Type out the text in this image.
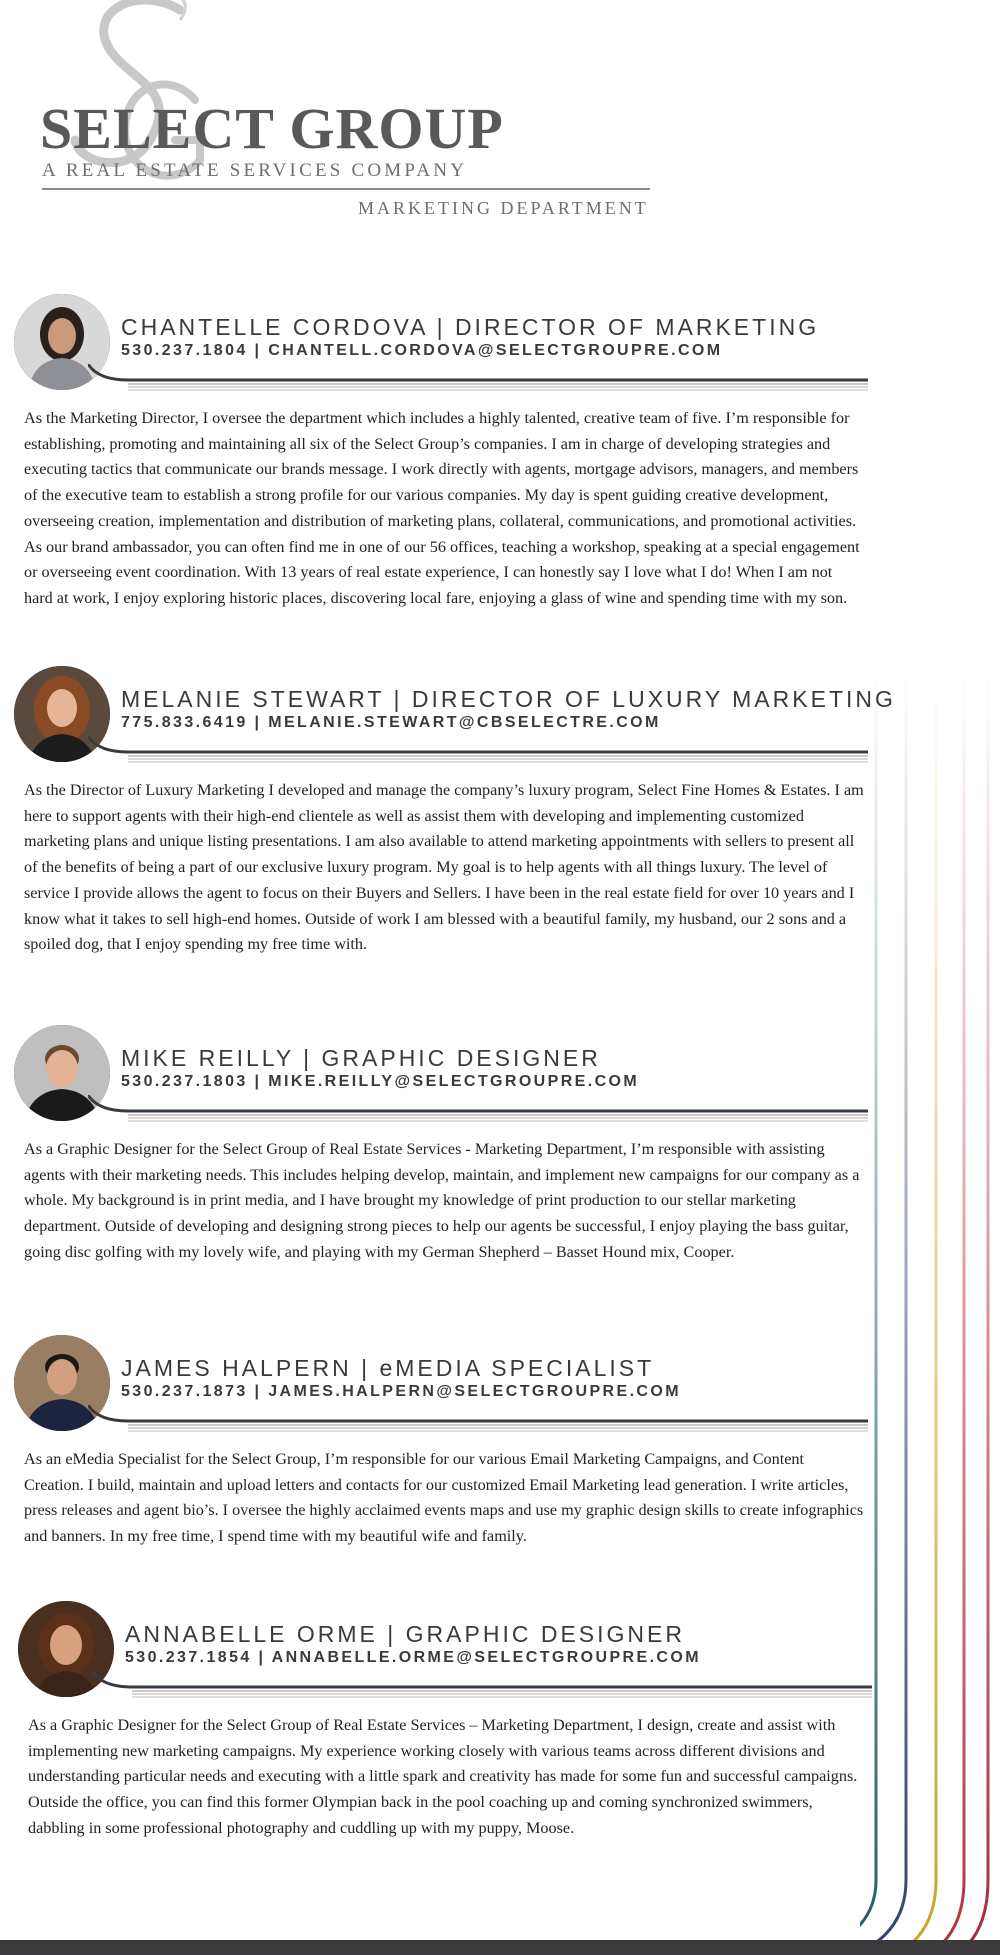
SELECT GROUP
A REAL ESTATE SERVICES COMPANY
MARKETING DEPARTMENT
CHANTELLE CORDOVA | DIRECTOR OF MARKETING
530.237.1804 | CHANTELL.CORDOVA@SELECTGROUPRE.COM

As the Marketing Director, I oversee the department which includes a highly talented, creative team of five. I’m responsible for establishing, promoting and maintaining all six of the Select Group’s companies. I am in charge of developing strategies and executing tactics that communicate our brands message. I work directly with agents, mortgage advisors, managers, and members of the executive team to establish a strong profile for our various companies. My day is spent guiding creative development, overseeing creation, implementation and distribution of marketing plans, collateral, communications, and promotional activities. As our brand ambassador, you can often find me in one of our 56 offices, teaching a workshop, speaking at a special engagement or overseeing event coordination. With 13 years of real estate experience, I can honestly say I love what I do! When I am not hard at work, I enjoy exploring historic places, discovering local fare, enjoying a glass of wine and spending time with my son.

MELANIE STEWART | DIRECTOR OF LUXURY MARKETING
775.833.6419 | MELANIE.STEWART@CBSELECTRE.COM

As the Director of Luxury Marketing I developed and manage the company’s luxury program, Select Fine Homes & Estates. I am here to support agents with their high-end clientele as well as assist them with developing and implementing customized marketing plans and unique listing presentations. I am also available to attend marketing appointments with sellers to present all of the benefits of being a part of our exclusive luxury program. My goal is to help agents with all things luxury. The level of service I provide allows the agent to focus on their Buyers and Sellers. I have been in the real estate field for over 10 years and I know what it takes to sell high-end homes. Outside of work I am blessed with a beautiful family, my husband, our 2 sons and a spoiled dog, that I enjoy spending my free time with.

MIKE REILLY | GRAPHIC DESIGNER
530.237.1803 | MIKE.REILLY@SELECTGROUPRE.COM

As a Graphic Designer for the Select Group of Real Estate Services - Marketing Department, I’m responsible with assisting agents with their marketing needs. This includes helping develop, maintain, and implement new campaigns for our company as a whole. My background is in print media, and I have brought my knowledge of print production to our stellar marketing department. Outside of developing and designing strong pieces to help our agents be successful, I enjoy playing the bass guitar, going disc golfing with my lovely wife, and playing with my German Shepherd – Basset Hound mix, Cooper.

JAMES HALPERN | eMEDIA SPECIALIST
530.237.1873 | JAMES.HALPERN@SELECTGROUPRE.COM

As an eMedia Specialist for the Select Group, I’m responsible for our various Email Marketing Campaigns, and Content Creation. I build, maintain and upload letters and contacts for our customized Email Marketing lead generation. I write articles, press releases and agent bio’s. I oversee the highly acclaimed events maps and use my graphic design skills to create infographics and banners. In my free time, I spend time with my beautiful wife and family.

ANNABELLE ORME | GRAPHIC DESIGNER
530.237.1854 | ANNABELLE.ORME@SELECTGROUPRE.COM

As a Graphic Designer for the Select Group of Real Estate Services – Marketing Department, I design, create and assist with implementing new marketing campaigns. My experience working closely with various teams across different divisions and understanding particular needs and executing with a little spark and creativity has made for some fun and successful campaigns. Outside the office, you can find this former Olympian back in the pool coaching up and coming synchronized swimmers, dabbling in some professional photography and cuddling up with my puppy, Moose.
